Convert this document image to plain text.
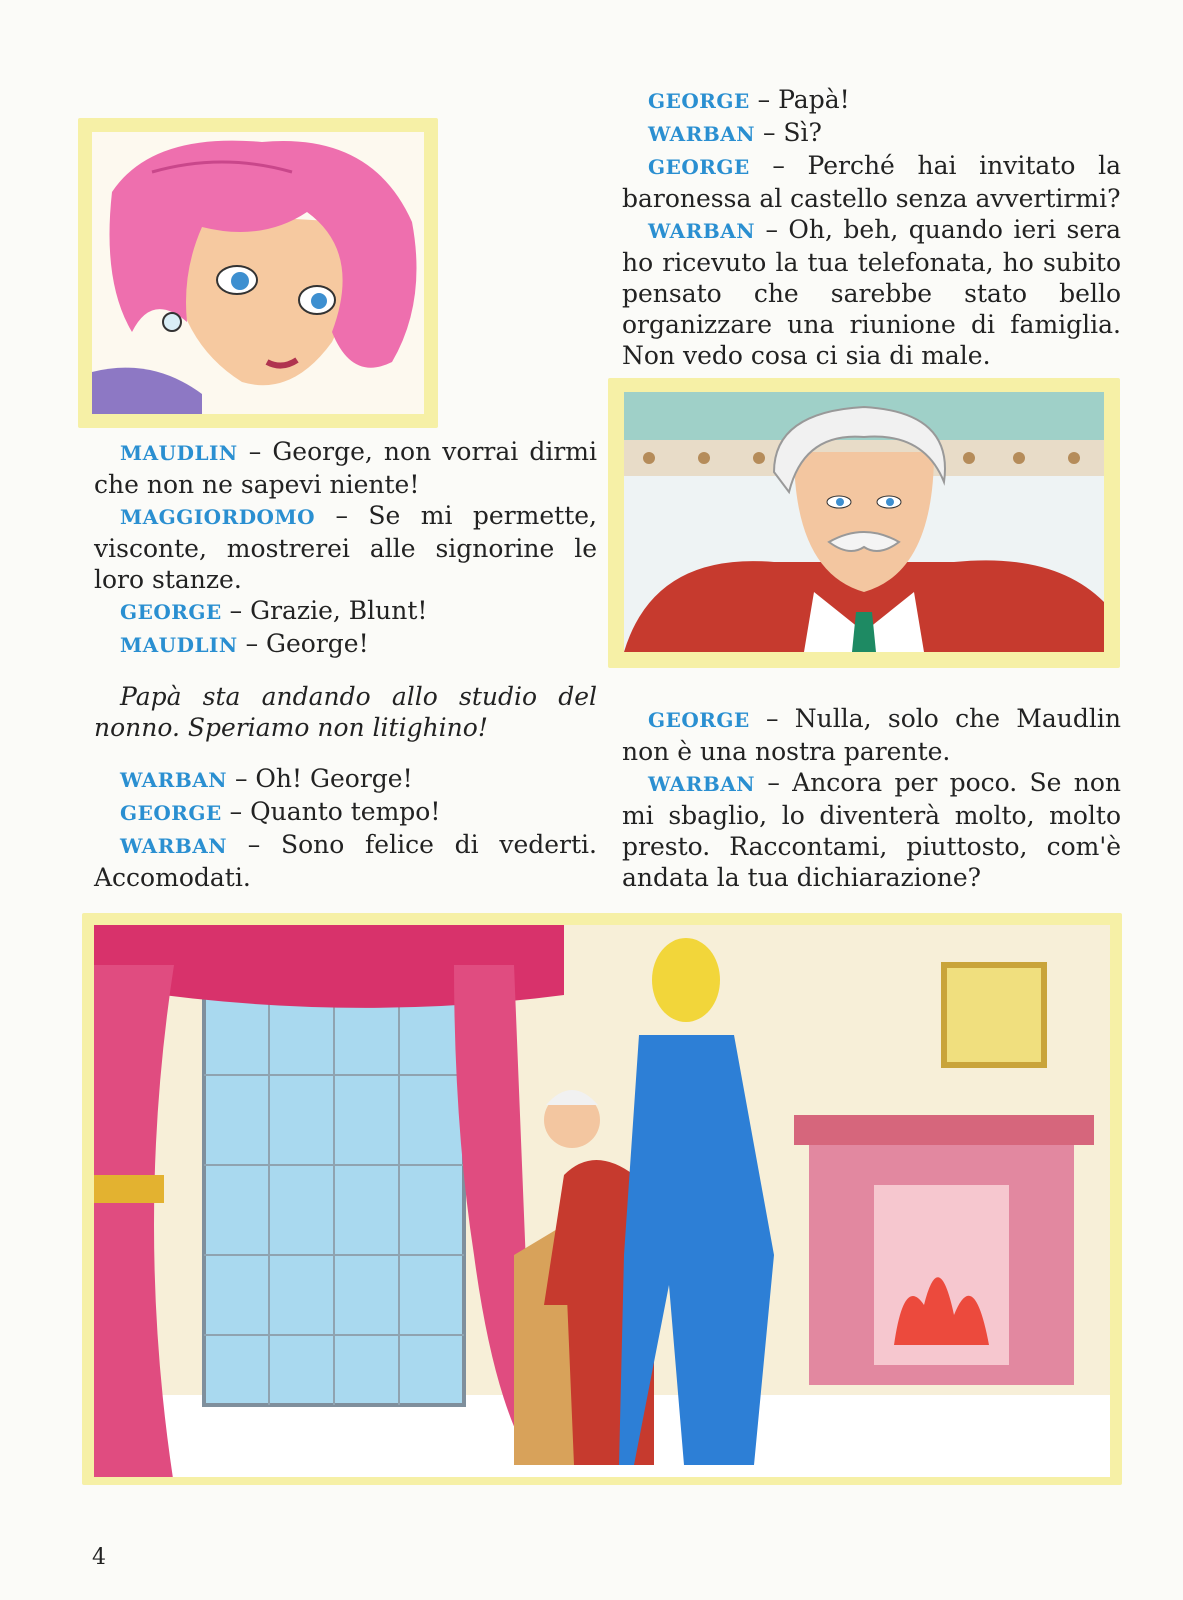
MAUDLIN – George, non vorrai dirmi che non ne sapevi niente!

MAGGIORDOMO – Se mi permette, visconte, mostrerei alle signorine le loro stanze.

GEORGE – Grazie, Blunt!

MAUDLIN – George!

Papà sta andando allo studio del nonno. Speriamo non litighino!

WARBAN – Oh! George!

GEORGE – Quanto tempo!

WARBAN – Sono felice di vederti. Accomodati.

GEORGE – Papà!

WARBAN – Sì?

GEORGE – Perché hai invitato la baronessa al castello senza avvertirmi?

WARBAN – Oh, beh, quando ieri sera ho ricevuto la tua telefonata, ho subito pensato che sarebbe stato bello organizzare una riunione di famiglia. Non vedo cosa ci sia di male.

GEORGE – Nulla, solo che Maudlin non è una nostra parente.

WARBAN – Ancora per poco. Se non mi sbaglio, lo diventerà molto, molto presto. Raccontami, piuttosto, com'è andata la tua dichiarazione?

4
